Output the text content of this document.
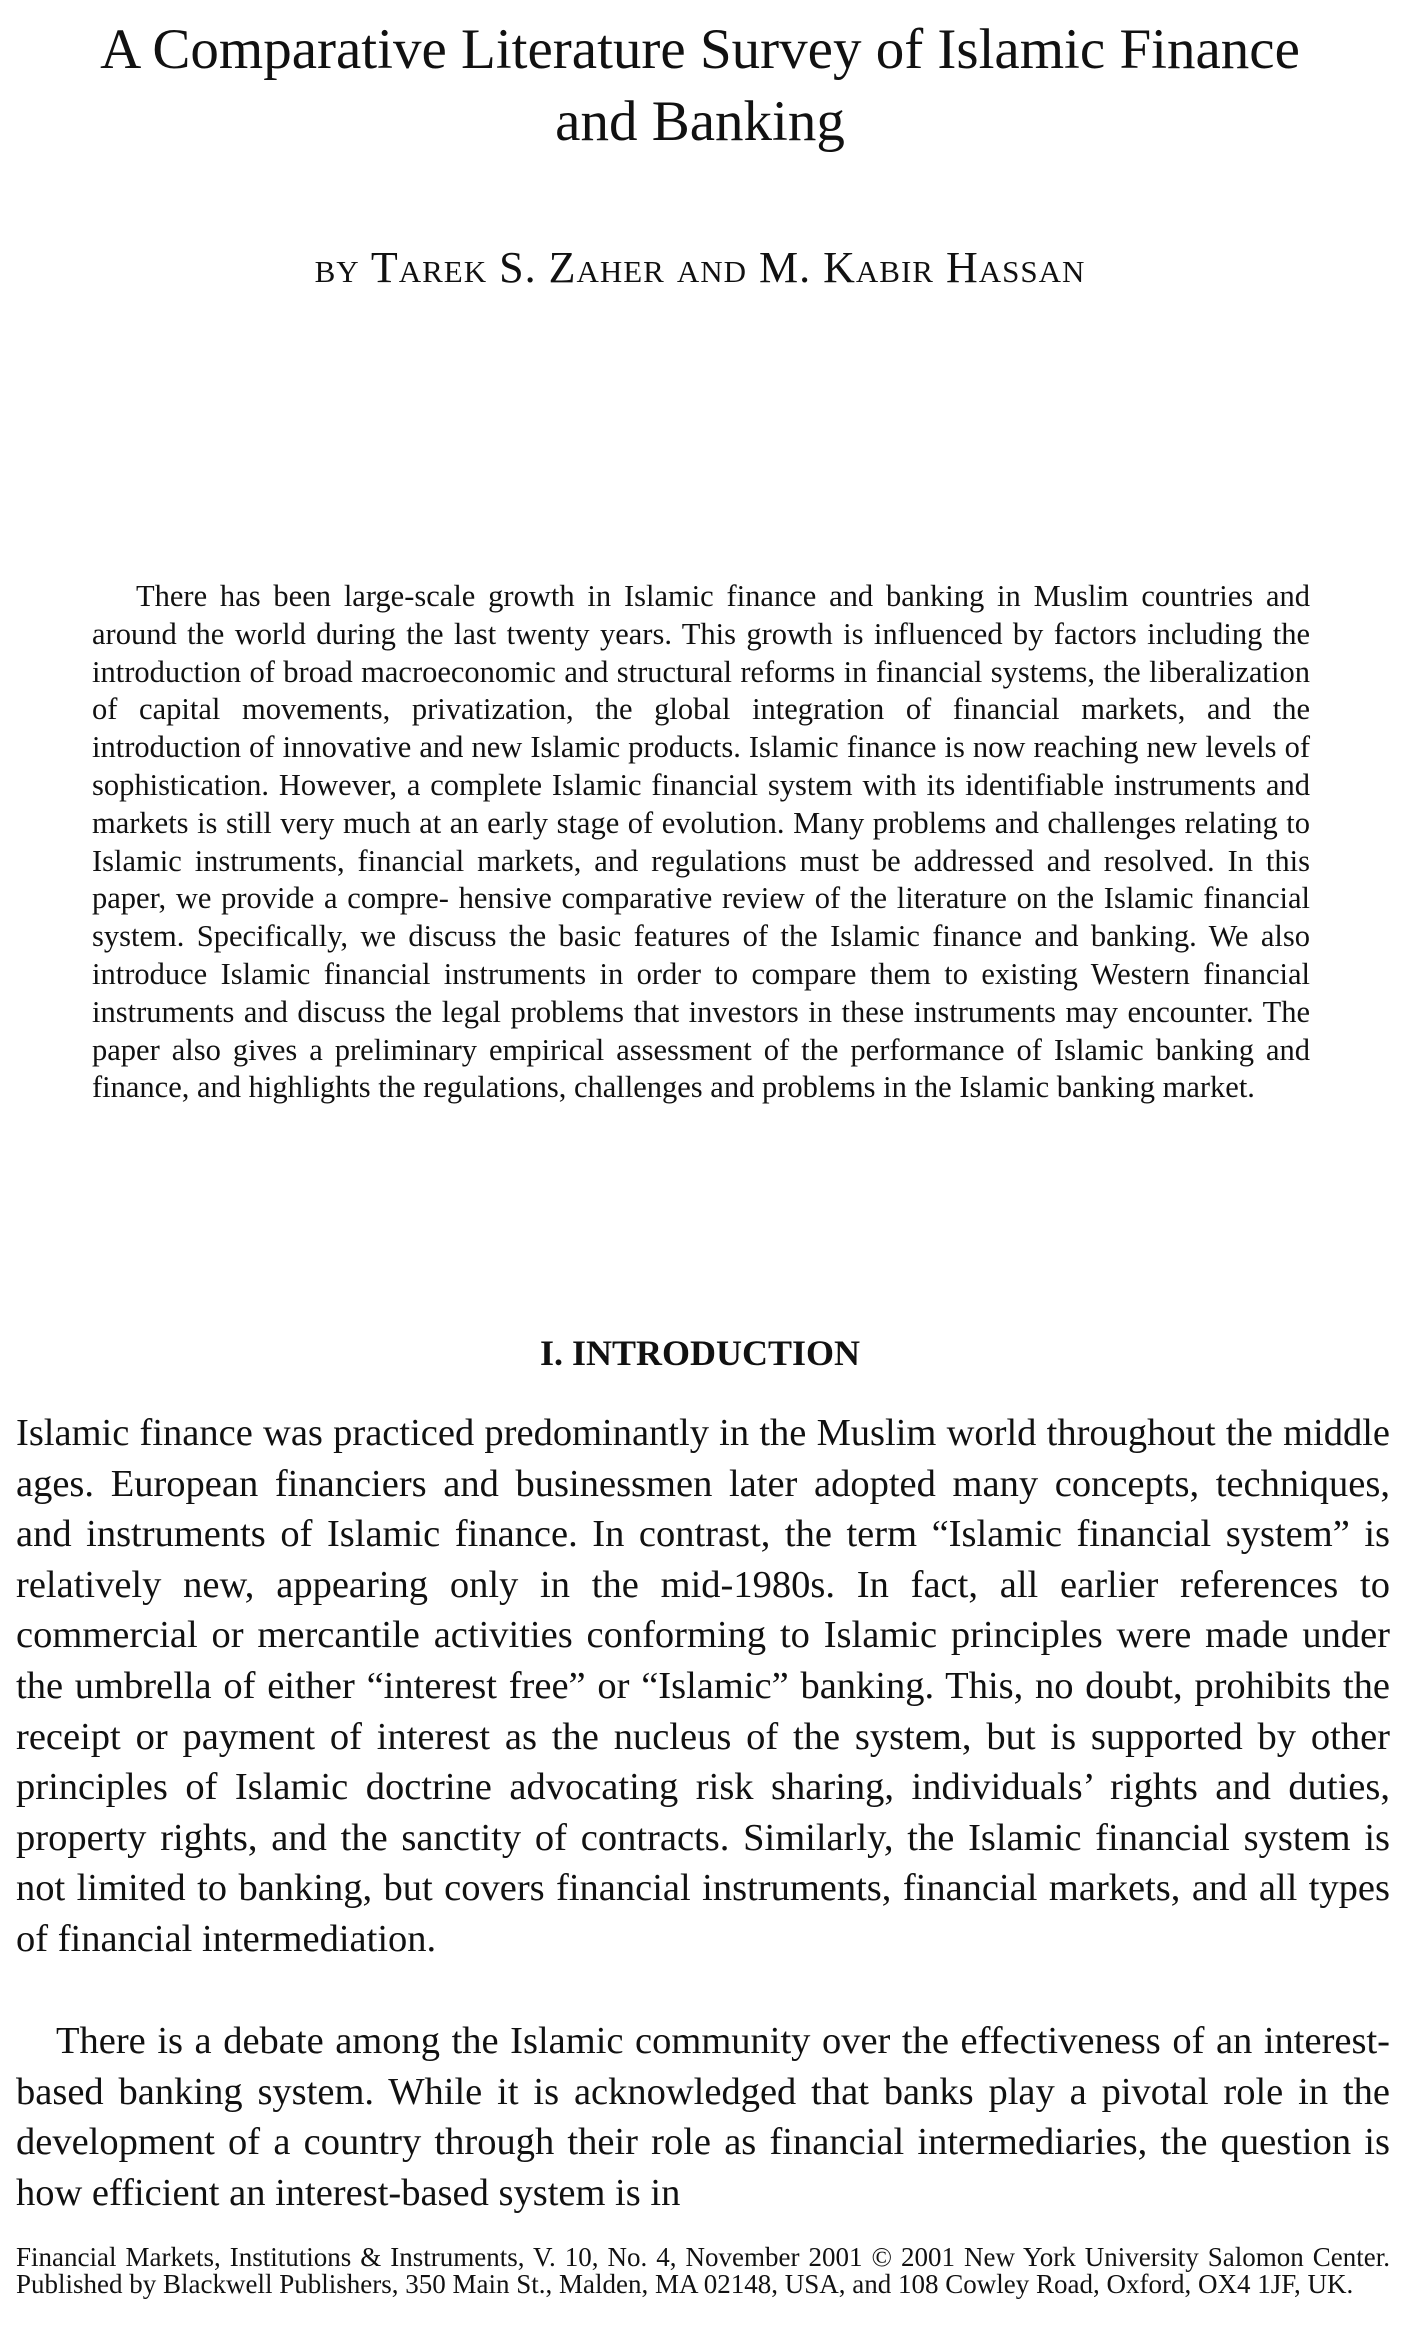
A Comparative Literature Survey of Islamic Finance and Banking

by Tarek S. Zaher and M. Kabir Hassan

There has been large-scale growth in Islamic finance and banking in Muslim countries and around the world during the last twenty years. This growth is influenced by factors including the introduction of broad macroeconomic and structural reforms in financial systems, the liberalization of capital movements, privatization, the global integration of financial markets, and the introduction of innovative and new Islamic products. Islamic finance is now reaching new levels of sophistication. However, a complete Islamic financial system with its identifiable instruments and markets is still very much at an early stage of evolution. Many problems and challenges relating to Islamic instruments, financial markets, and regulations must be addressed and resolved. In this paper, we provide a compre- hensive comparative review of the literature on the Islamic financial system. Specifically, we discuss the basic features of the Islamic finance and banking. We also introduce Islamic financial instruments in order to compare them to existing Western financial instruments and discuss the legal problems that investors in these instruments may encounter. The paper also gives a preliminary empirical assessment of the performance of Islamic banking and finance, and highlights the regulations, challenges and problems in the Islamic banking market.

I. INTRODUCTION

Islamic finance was practiced predominantly in the Muslim world throughout the middle ages. European financiers and businessmen later adopted many concepts, techniques, and instruments of Islamic finance. In contrast, the term “Islamic financial system” is relatively new, appearing only in the mid-1980s. In fact, all earlier references to commercial or mercantile activities conforming to Islamic principles were made under the umbrella of either “interest free” or “Islamic” banking. This, no doubt, prohibits the receipt or payment of interest as the nucleus of the system, but is supported by other principles of Islamic doctrine advocating risk sharing, individuals’ rights and duties, property rights, and the sanctity of contracts. Similarly, the Islamic financial system is not limited to banking, but covers financial instruments, financial markets, and all types of financial intermediation.

There is a debate among the Islamic community over the effectiveness of an interest-based banking system. While it is acknowledged that banks play a pivotal role in the development of a country through their role as financial intermediaries, the question is how efficient an interest-based system is in

Financial Markets, Institutions & Instruments, V. 10, No. 4, November 2001 © 2001 New York University Salomon Center. Published by Blackwell Publishers, 350 Main St., Malden, MA 02148, USA, and 108 Cowley Road, Oxford, OX4 1JF, UK.
